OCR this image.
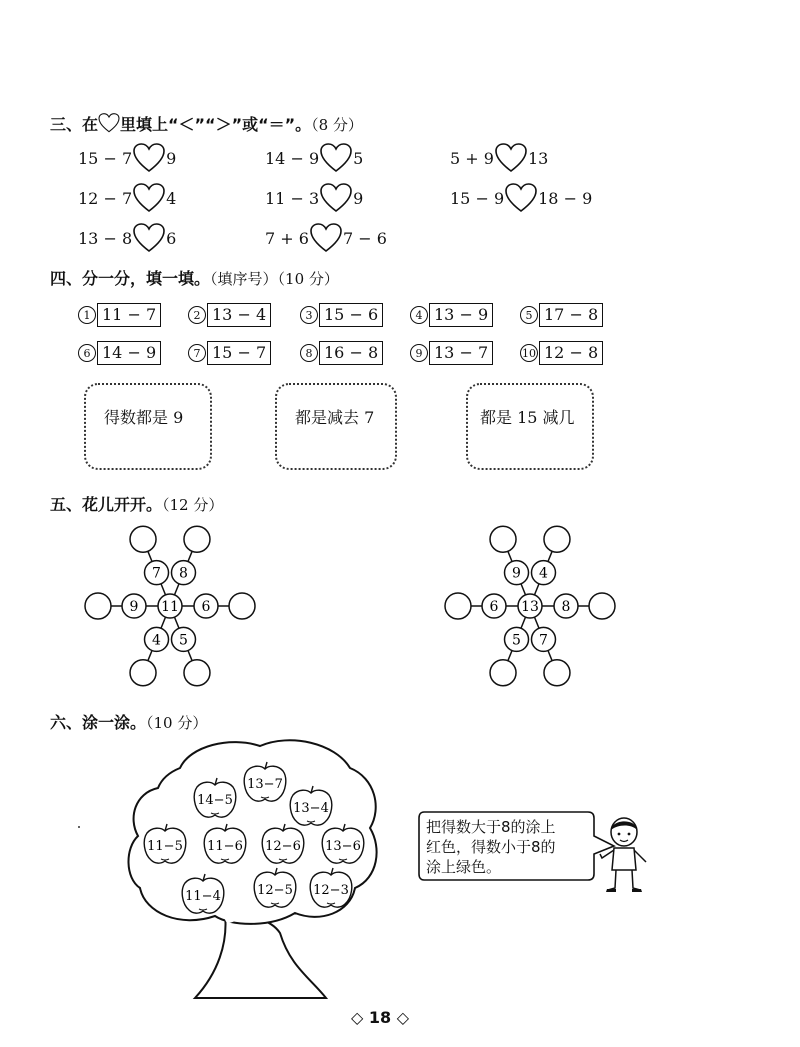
三、在 里填上“＜”“＞”或“＝”。（8 分）
15 − 7 9	14 − 9 5	5 + 9 13
12 − 7 4	11 − 3 9	15 − 9 18 − 9
13 − 8 6	7 + 6 7 − 6
四、分一分，填一填。（填序号）（10 分）
1 11 − 7	2 13 − 4	3 15 − 6	4 13 − 9	5 17 − 8
6 14 − 9	7 15 − 7	8 16 − 8	9 13 − 7	10 12 − 8
得数都是 9	都是减去 7	都是 15 减几
五、花儿开开。（12 分）
7 8
6
5
4
9 11
9 4
8
7
5
6 13
六、涂一涂。（10 分）
13−7
14−5
13−4
11−5 11−6 12−6 13−6
11−4	12−5 12−3
把得数大于8的涂上
红色，得数小于8的
涂上绿色。
◇ 18 ◇
